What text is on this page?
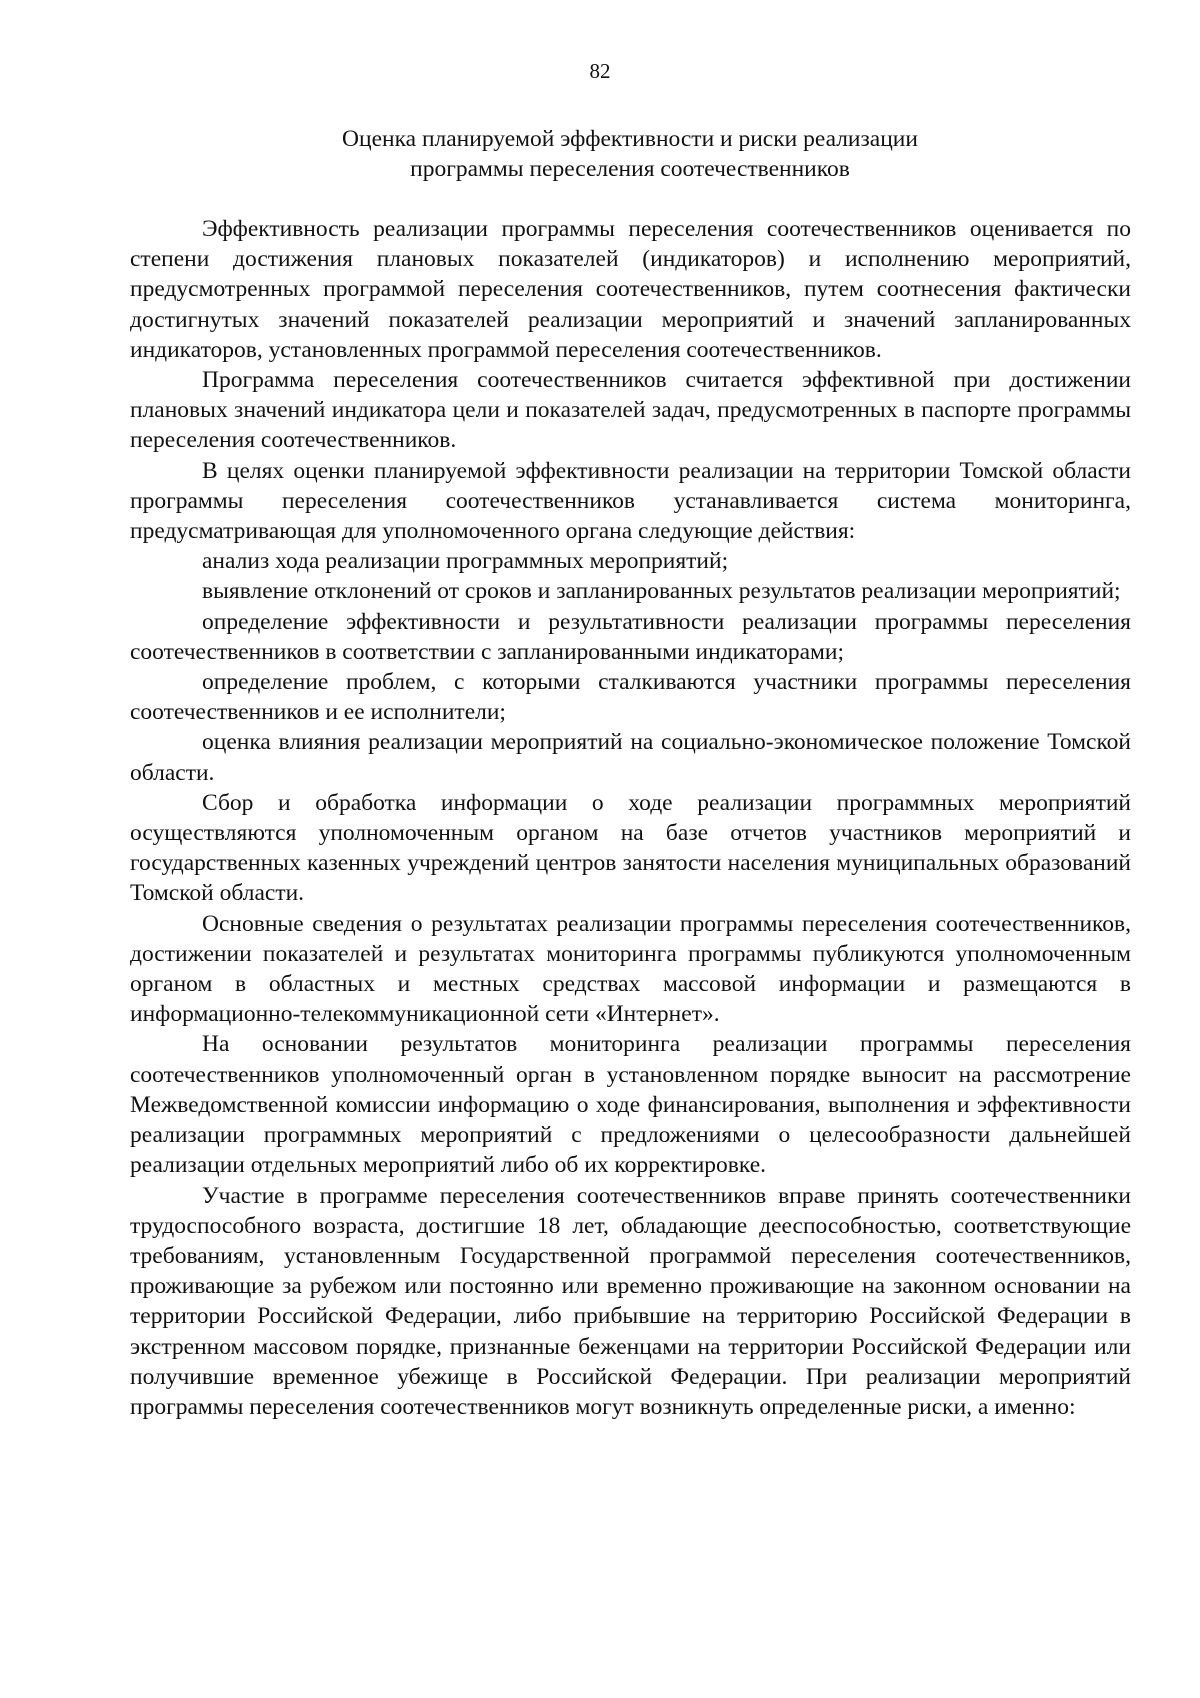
82
Оценка планируемой эффективности и риски реализации
программы переселения соотечественников

Эффективность реализации программы переселения соотечественников оценивается по степени достижения плановых показателей (индикаторов) и исполнению мероприятий, предусмотренных программой переселения соотечественников, путем соотнесения фактически достигнутых значений показателей реализации мероприятий и значений запланированных индикаторов, установленных программой переселения соотечественников.

Программа переселения соотечественников считается эффективной при достижении плановых значений индикатора цели и показателей задач, предусмотренных в паспорте программы переселения соотечественников.

В целях оценки планируемой эффективности реализации на территории Томской области программы переселения соотечественников устанавливается система мониторинга, предусматривающая для уполномоченного органа следующие действия:

анализ хода реализации программных мероприятий;

выявление отклонений от сроков и запланированных результатов реализации мероприятий;

определение эффективности и результативности реализации программы переселения соотечественников в соответствии с запланированными индикаторами;

определение проблем, с которыми сталкиваются участники программы переселения соотечественников и ее исполнители;

оценка влияния реализации мероприятий на социально-экономическое положение Томской области.

Сбор и обработка информации о ходе реализации программных мероприятий осуществляются уполномоченным органом на базе отчетов участников мероприятий и государственных казенных учреждений центров занятости населения муниципальных образований Томской области.

Основные сведения о результатах реализации программы переселения соотечественников, достижении показателей и результатах мониторинга программы публикуются уполномоченным органом в областных и местных средствах массовой информации и размещаются в информационно-телекоммуникационной сети «Интернет».

На основании результатов мониторинга реализации программы переселения соотечественников уполномоченный орган в установленном порядке выносит на рассмотрение Межведомственной комиссии информацию о ходе финансирования, выполнения и эффективности реализации программных мероприятий с предложениями о целесообразности дальнейшей реализации отдельных мероприятий либо об их корректировке.

Участие в программе переселения соотечественников вправе принять соотечественники трудоспособного возраста, достигшие 18 лет, обладающие дееспособностью, соответствующие требованиям, установленным Государственной программой переселения соотечественников, проживающие за рубежом или постоянно или временно проживающие на законном основании на территории Российской Федерации, либо прибывшие на территорию Российской Федерации в экстренном массовом порядке, признанные беженцами на территории Российской Федерации или получившие временное убежище в Российской Федерации. При реализации мероприятий программы переселения соотечественников могут возникнуть определенные риски, а именно:
